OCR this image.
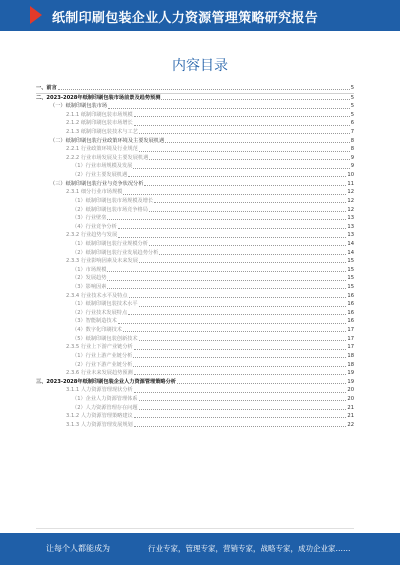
纸制印刷包装企业人力资源管理策略研究报告
内容目录
一、前言	5
二、2023-2028年纸制印刷包装市场前景及趋势预测	5
（一）纸制印刷包装市场	5
2.1.1 纸制印刷包装市场规模	5
2.1.2 纸制印刷包装市场增长	6
2.1.3 纸制印刷包装技术与工艺	7
（二）纸制印刷包装行业政策环境及主要发展机遇	8
2.2.1 行业政策环境及行业规范	8
2.2.2 行业市场发展及主要发展机遇	9
（1）行业市场规模及发展	9
（2）行业主要发展机遇	10
（三）纸制印刷包装行业与竞争状况分析	11
2.3.1 细分行业市场规模	12
（1）纸制印刷包装市场规模及增长	12
（2）纸制印刷包装市场竞争格局	12
（3）行业壁垒	13
（4）行业竞争分析	13
2.3.2 行业趋势与发展	13
（1）纸制印刷包装行业规模分析	14
（2）纸制印刷包装行业发展趋势分析	14
2.3.3 行业影响因素及未来发展	15
（1）市场规模	15
（2）发展趋势	15
（3）影响因素	15
2.3.4 行业技术水平及特点	16
（1）纸制印刷包装技术水平	16
（2）行业技术发展特点	16
（3）智能制造技术	16
（4）数字化印刷技术	17
（5）纸制印刷包装创新技术	17
2.3.5 行业上下游产业链分析	17
（1）行业上游产业链分析	18
（2）行业下游产业链分析	18
2.3.6 行业未来发展趋势预测	19
三、2023-2028年纸制印刷包装企业人力资源管理策略分析	19
3.1.1 人力资源管理现状分析	20
（1）企业人力资源管理体系	20
（2）人力资源管理存在问题	21
3.1.2 人力资源管理策略建议	21
3.1.3 人力资源管理发展规划	22
让每个人都能成为	行业专家，管理专家，营销专家，战略专家，成功企业家……
